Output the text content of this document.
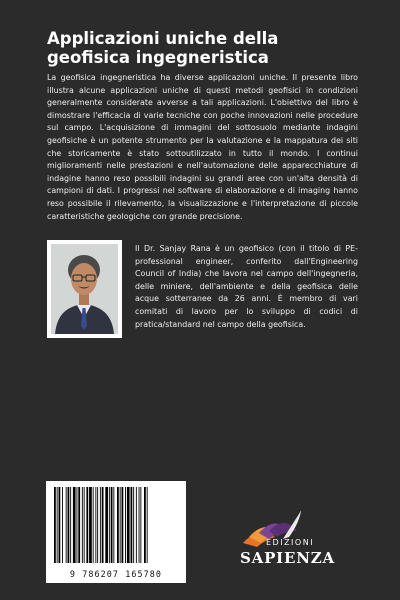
Applicazioni uniche della
geofisica ingegneristica

La geofisica ingegneristica ha diverse applicazioni uniche. Il presente libro illustra alcune applicazioni uniche di questi metodi geofisici in condizioni generalmente considerate avverse a tali applicazioni. L'obiettivo del libro è dimostrare l'efficacia di varie tecniche con poche innovazioni nelle procedure sul campo. L'acquisizione di immagini del sottosuolo mediante indagini geofisiche è un potente strumento per la valutazione e la mappatura dei siti che storicamente è stato sottoutilizzato in tutto il mondo. I continui miglioramenti nelle prestazioni e nell'automazione delle apparecchiature di indagine hanno reso possibili indagini su grandi aree con un'alta densità di campioni di dati. I progressi nel software di elaborazione e di imaging hanno reso possibile il rilevamento, la visualizzazione e l'interpretazione di piccole caratteristiche geologiche con grande precisione.

Il Dr. Sanjay Rana è un geofisico (con il titolo di PE-professional engineer, conferito dall'Engineering Council of India) che lavora nel campo dell'ingegneria, delle miniere, dell'ambiente e della geofisica delle acque sotterranee da 26 anni. È membro di vari comitati di lavoro per lo sviluppo di codici di pratica/standard nel campo della geofisica.

9 786207 165780
EDIZIONI
SAPIENZA
